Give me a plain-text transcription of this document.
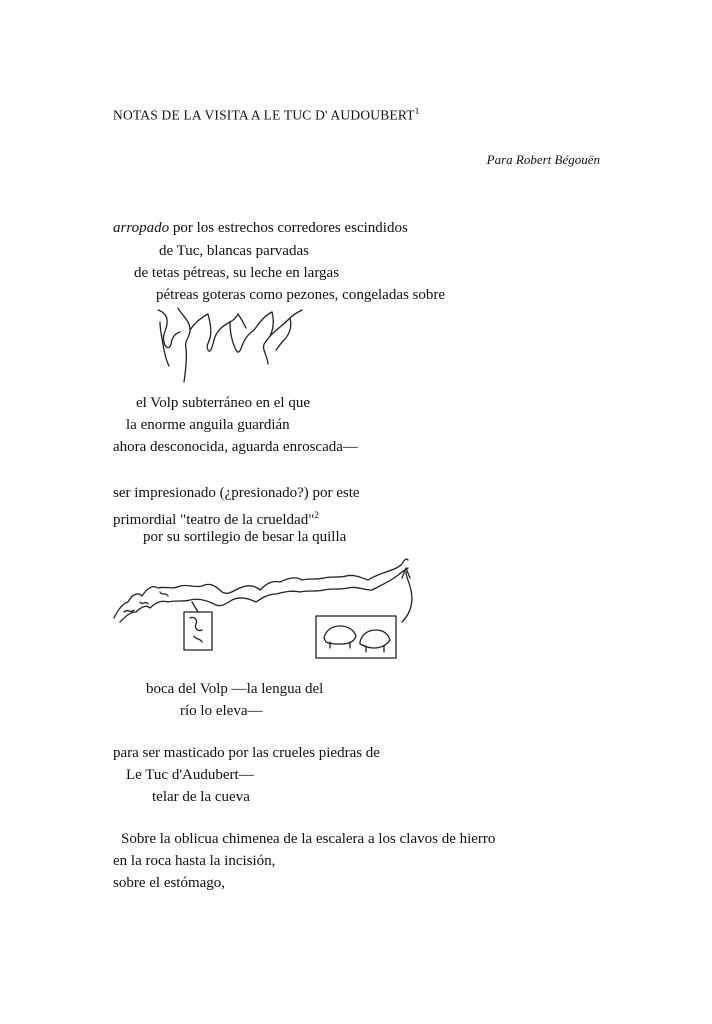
NOTAS DE LA VISITA A LE TUC D' AUDOUBERT$^1$
Para Robert Bégouën
arropado por los estrechos corredores escindidos
de Tuc, blancas parvadas
de tetas pétreas, su leche en largas
pétreas goteras como pezones, congeladas sobre
el Volp subterráneo en el que
la enorme anguila guardián
ahora desconocida, aguarda enroscada—
ser impresionado (¿presionado?) por este
primordial "teatro de la crueldad"$^2$
por su sortilegio de besar la quilla
boca del Volp —la lengua del
río lo eleva—
para ser masticado por las crueles piedras de
Le Tuc d'Audubert—
telar de la cueva
Sobre la oblicua chimenea de la escalera a los clavos de hierro
en la roca hasta la incisión,
sobre el estómago,
